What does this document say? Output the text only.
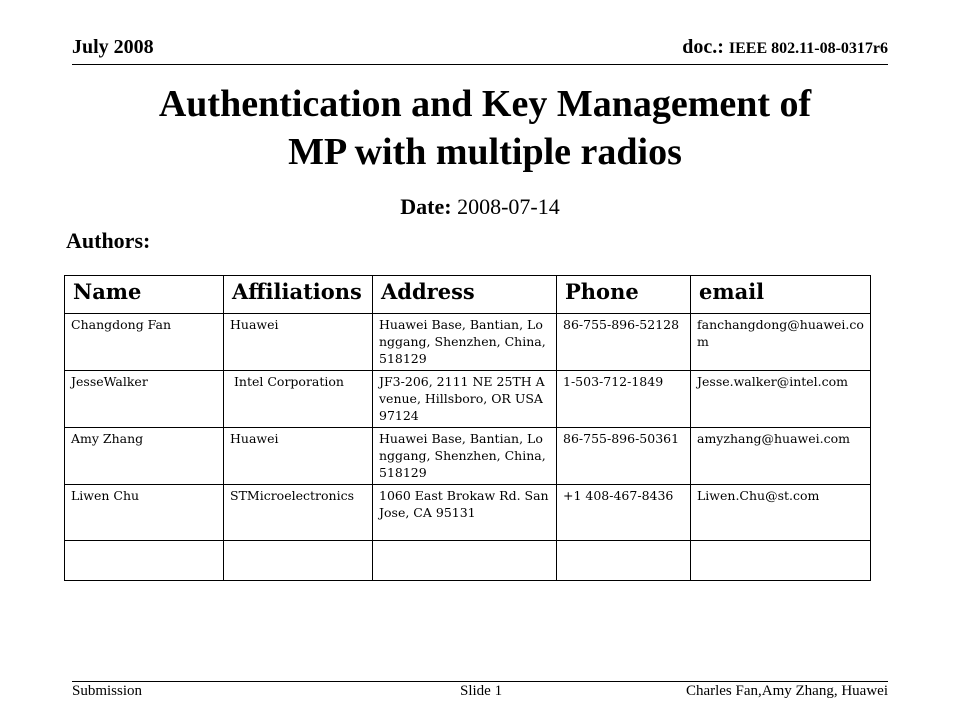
July 2008	doc.: IEEE 802.11-08-0317r6
Authentication and Key Management of
MP with multiple radios
Date: 2008-07-14
Authors:
Name	Affiliations	Address	Phone	email
Changdong Fan	Huawei	Huawei Base, Bantian, Longgang, Shenzhen, China, 518129	86-755-896-52128	fanchangdong@huawei.com
JesseWalker	Intel Corporation	JF3-206, 2111 NE 25TH Avenue, Hillsboro, OR USA 97124	1-503-712-1849	Jesse.walker@intel.com
Amy Zhang	Huawei	Huawei Base, Bantian, Longgang, Shenzhen, China, 518129	86-755-896-50361	amyzhang@huawei.com
Liwen Chu	STMicroelectronics	1060 East Brokaw Rd. San Jose, CA 95131	+1 408-467-8436	Liwen.Chu@st.com

Submission	Slide 1	Charles Fan,Amy Zhang, Huawei
